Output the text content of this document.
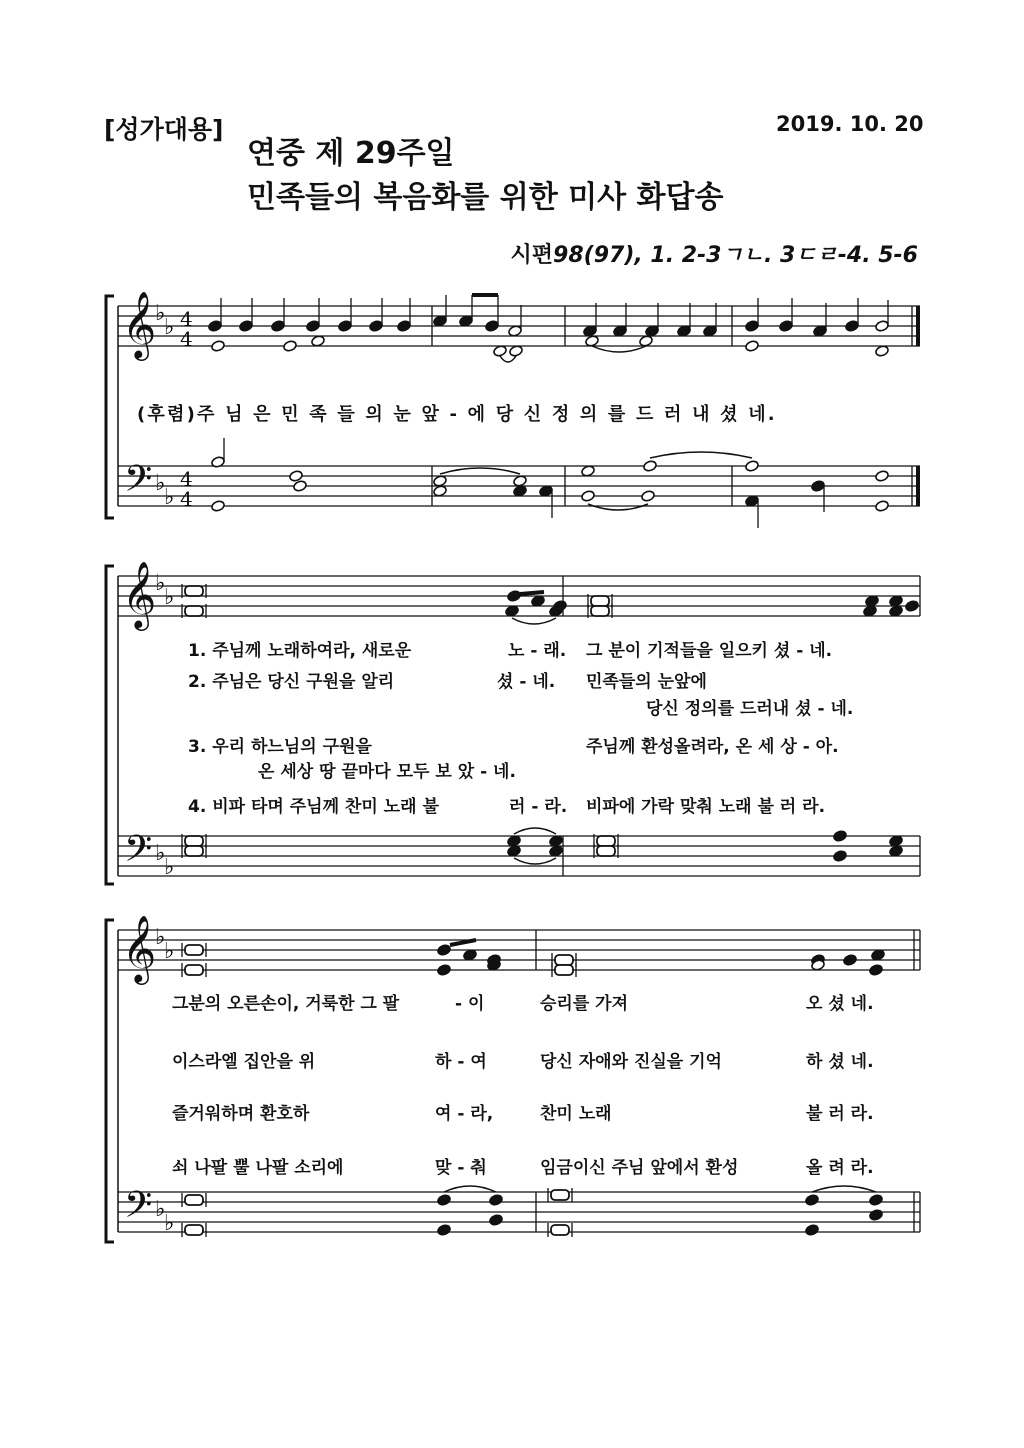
[성가대용]	2019. 10. 20
연중 제 29주일
민족들의 복음화를 위한 미사 화답송
시편98(97), 1. 2-3ㄱㄴ. 3ㄷㄹ-4. 5-6
𝄞
𝄢
♭
♭
♭
♭
4
4
4
4
𝄞
𝄢
♭
♭
♭
♭
𝄞
𝄢
♭
♭
♭
♭
(후렴)주 님 은 민 족 들 의 눈 앞 - 에 당 신 정 의 를 드 러 내 셨 네.
1. 주님께 노래하여라, 새로운	노 - 래. 그 분이 기적들을 일으키 셨 - 네.
2. 주님은 당신 구원을 알리	셨 - 네. 민족들의 눈앞에
당신 정의를 드러내 셨 - 네.
3. 우리 하느님의 구원을	주님께 환성올려라, 온 세 상 - 아.
온 세상 땅 끝마다 모두 보 았 - 네.
4. 비파 타며 주님께 찬미 노래 불	러 - 라. 비파에 가락 맞춰 노래 불 러 라.
그분의 오른손이, 거룩한 그 팔	- 이	승리를 가져	오 셨 네.
이스라엘 집안을 위	하 - 여	당신 자애와 진실을 기억	하 셨 네.
즐거워하며 환호하	여 - 라,	찬미 노래	불 러 라.
쇠 나팔 뿔 나팔 소리에	맞 - 춰	임금이신 주님 앞에서 환성	올 려 라.
